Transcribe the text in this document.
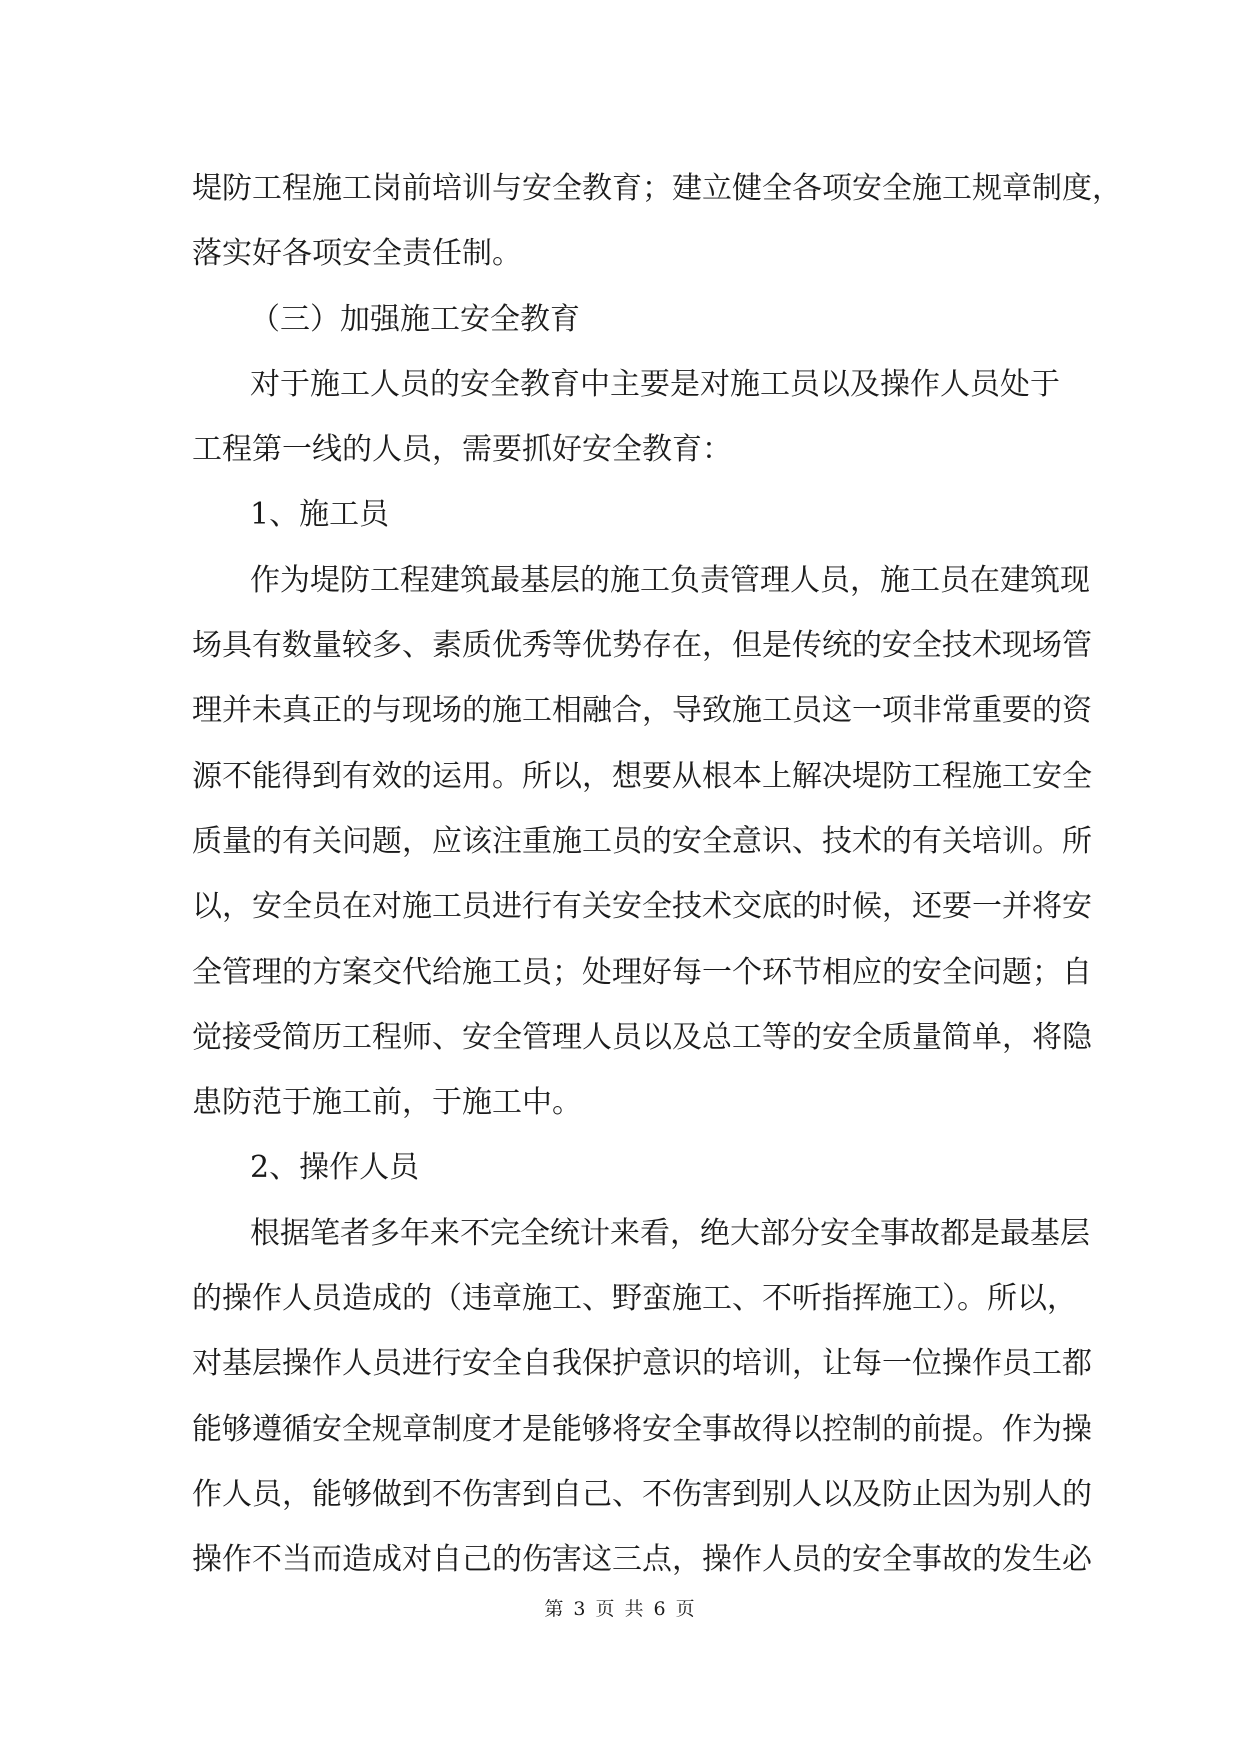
堤防工程施工岗前培训与安全教育；建立健全各项安全施工规章制度，
落实好各项安全责任制。
（三）加强施工安全教育
对于施工人员的安全教育中主要是对施工员以及操作人员处于
工程第一线的人员，需要抓好安全教育：
1、施工员
作为堤防工程建筑最基层的施工负责管理人员，施工员在建筑现
场具有数量较多、素质优秀等优势存在，但是传统的安全技术现场管
理并未真正的与现场的施工相融合，导致施工员这一项非常重要的资
源不能得到有效的运用。所以，想要从根本上解决堤防工程施工安全
质量的有关问题，应该注重施工员的安全意识、技术的有关培训。所
以，安全员在对施工员进行有关安全技术交底的时候，还要一并将安
全管理的方案交代给施工员；处理好每一个环节相应的安全问题；自
觉接受简历工程师、安全管理人员以及总工等的安全质量简单，将隐
患防范于施工前，于施工中。
2、操作人员
根据笔者多年来不完全统计来看，绝大部分安全事故都是最基层
的操作人员造成的（违章施工、野蛮施工、不听指挥施工）。所以，
对基层操作人员进行安全自我保护意识的培训，让每一位操作员工都
能够遵循安全规章制度才是能够将安全事故得以控制的前提。作为操
作人员，能够做到不伤害到自己、不伤害到别人以及防止因为别人的
操作不当而造成对自己的伤害这三点，操作人员的安全事故的发生必
第 3 页 共 6 页
